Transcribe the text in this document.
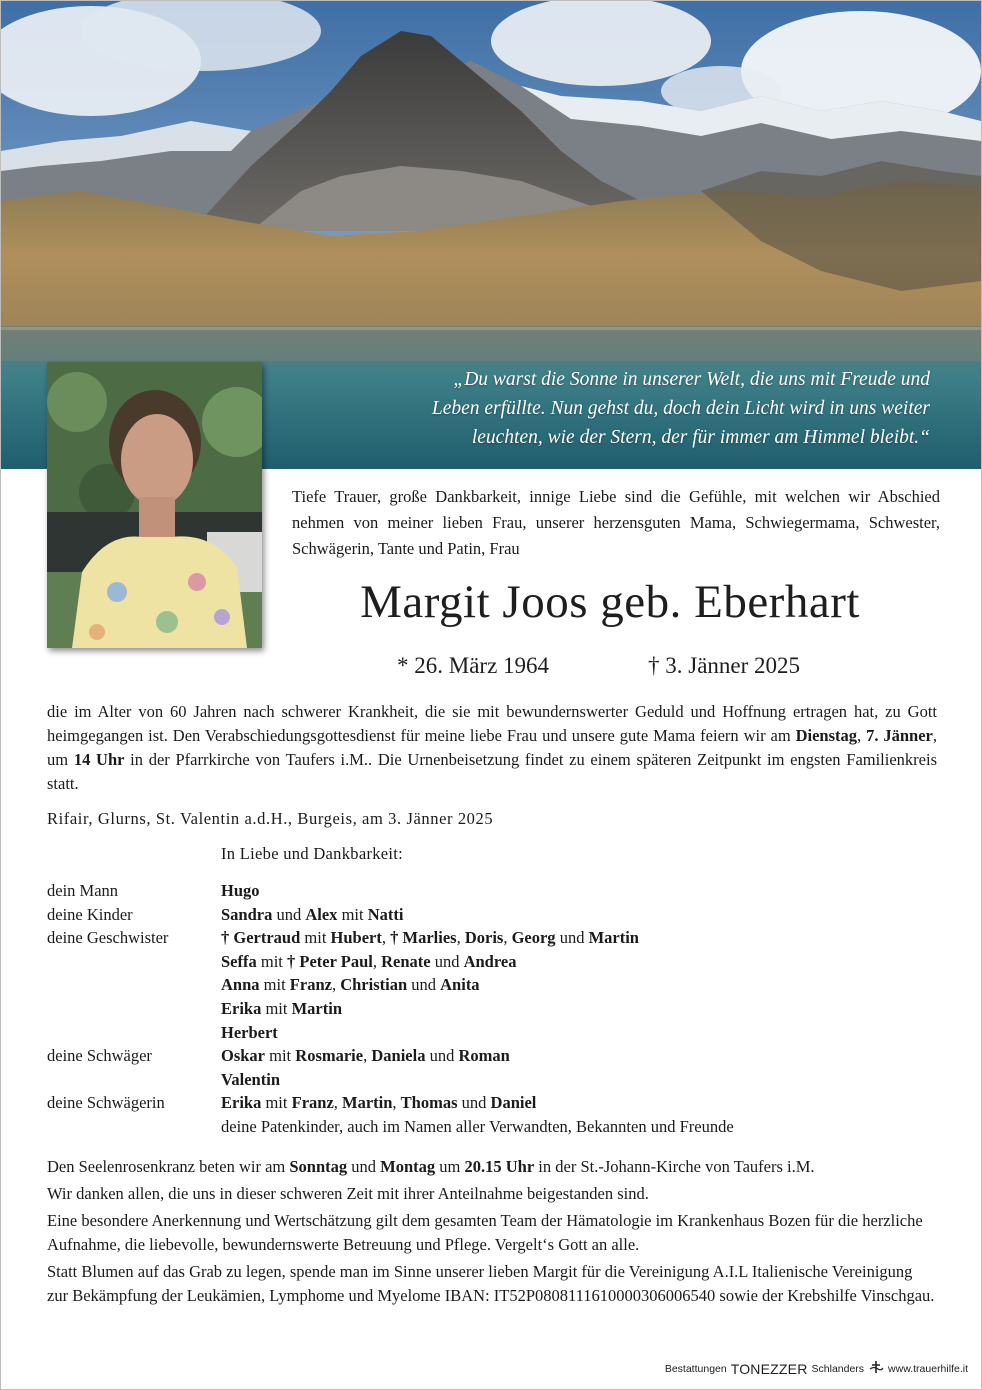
„Du warst die Sonne in unserer Welt, die uns mit Freude und
Leben erfüllte. Nun gehst du, doch dein Licht wird in uns weiter
leuchten, wie der Stern, der für immer am Himmel bleibt.“
Tiefe Trauer, große Dankbarkeit, innige Liebe sind die Gefühle, mit welchen wir Abschied nehmen von meiner lieben Frau, unserer herzensguten Mama, Schwiegermama, Schwester, Schwägerin, Tante und Patin, Frau
Margit Joos geb. Eberhart
* 26. März 1964	† 3. Jänner 2025
die im Alter von 60 Jahren nach schwerer Krankheit, die sie mit bewundernswerter Geduld und Hoffnung ertragen hat, zu Gott heimgegangen ist. Den Verabschiedungsgottesdienst für meine liebe Frau und unsere gute Mama feiern wir am Dienstag, 7. Jänner, um 14 Uhr in der Pfarrkirche von Taufers i.M.. Die Urnenbeisetzung findet zu einem späteren Zeitpunkt im engsten Familienkreis statt.
Rifair, Glurns, St. Valentin a.d.H., Burgeis, am 3. Jänner 2025
In Liebe und Dankbarkeit:
dein Mann	Hugo
deine Kinder	Sandra und Alex mit Natti
deine Geschwister	† Gertraud mit Hubert, † Marlies, Doris, Georg und Martin
Seffa mit † Peter Paul, Renate und Andrea
Anna mit Franz, Christian und Anita
Erika mit Martin
Herbert
deine Schwäger	Oskar mit Rosmarie, Daniela und Roman
Valentin
deine Schwägerin	Erika mit Franz, Martin, Thomas und Daniel
deine Patenkinder, auch im Namen aller Verwandten, Bekannten und Freunde

Den Seelenrosenkranz beten wir am Sonntag und Montag um 20.15 Uhr in der St.-Johann-Kirche von Taufers i.M.

Wir danken allen, die uns in dieser schweren Zeit mit ihrer Anteilnahme beigestanden sind.

Eine besondere Anerkennung und Wertschätzung gilt dem gesamten Team der Hämatologie im Krankenhaus Bozen für die herzliche Aufnahme, die liebevolle, bewundernswerte Betreuung und Pflege. Vergelt‘s Gott an alle.

Statt Blumen auf das Grab zu legen, spende man im Sinne unserer lieben Margit für die Vereinigung A.I.L Italienische Vereinigung zur Bekämpfung der Leukämien, Lymphome und Myelome IBAN: IT52P0808111610000306006540 sowie der Krebshilfe Vinschgau.

Bestattungen TONEZZER Schlanders www.trauerhilfe.it
